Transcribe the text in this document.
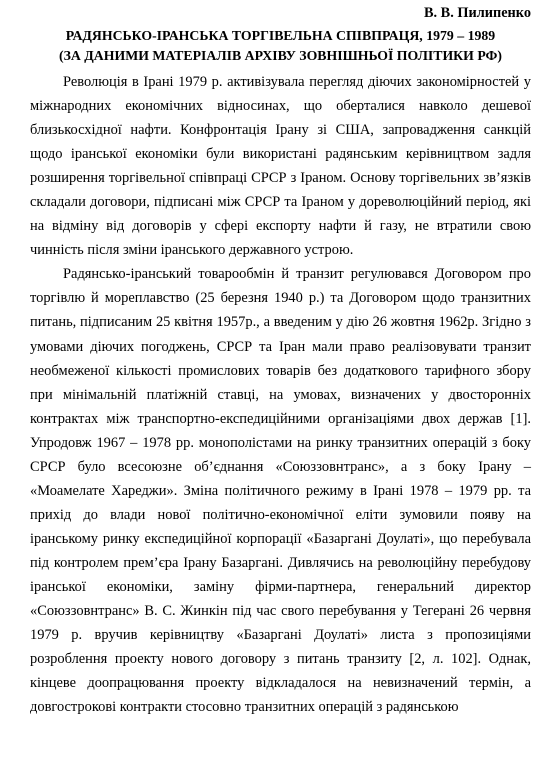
В. В. Пилипенко
РАДЯНСЬКО-ІРАНСЬКА ТОРГІВЕЛЬНА СПІВПРАЦЯ, 1979 – 1989
(ЗА ДАНИМИ МАТЕРІАЛІВ АРХІВУ ЗОВНІШНЬОЇ ПОЛІТИКИ РФ)

Революція в Ірані 1979 р. активізувала перегляд діючих закономірностей у міжнародних економічних відносинах, що оберталися навколо дешевої близькосхідної нафти. Конфронтація Ірану зі США, запровадження санкцій щодо іранської економіки були використані радянським керівництвом задля розширення торгівельної співпраці СРСР з Іраном. Основу торгівельних зв’язків складали договори, підписані між СРСР та Іраном у дореволюційний період, які на відміну від договорів у сфері експорту нафти й газу, не втратили свою чинність після зміни іранського державного устрою.

Радянсько-іранський товарообмін й транзит регулювався Договором про торгівлю й мореплавство (25 березня 1940 р.) та Договором щодо транзитних питань, підписаним 25 квітня 1957р., а введеним у дію 26 жовтня 1962р. Згідно з умовами діючих погоджень, СРСР та Іран мали право реалізовувати транзит необмеженої кількості промислових товарів без додаткового тарифного збору при мінімальній платіжній ставці, на умовах, визначених у двосторонніх контрактах між транспортно-експедиційними організаціями двох держав [1]. Упродовж 1967 – 1978 рр. монополістами на ринку транзитних операцій з боку СРСР було всесоюзне об’єднання «Союззовнтранс», а з боку Ірану – «Моамелате Хареджи». Зміна політичного режиму в Ірані 1978 – 1979 рр. та прихід до влади нової політично-економічної еліти зумовили появу на іранському ринку експедиційної корпорації «Базаргані Доулаті», що перебувала під контролем прем’єра Ірану Базаргані. Дивлячись на революційну перебудову іранської економіки, заміну фірми-партнера, генеральний директор «Союззовнтранс» В. С. Жинкін під час свого перебування у Тегерані 26 червня 1979 р. вручив керівництву «Базаргані Доулаті» листа з пропозиціями розроблення проекту нового договору з питань транзиту [2, л. 102]. Однак, кінцеве доопрацювання проекту відкладалося на невизначений термін, а довгострокові контракти стосовно транзитних операцій з радянською
